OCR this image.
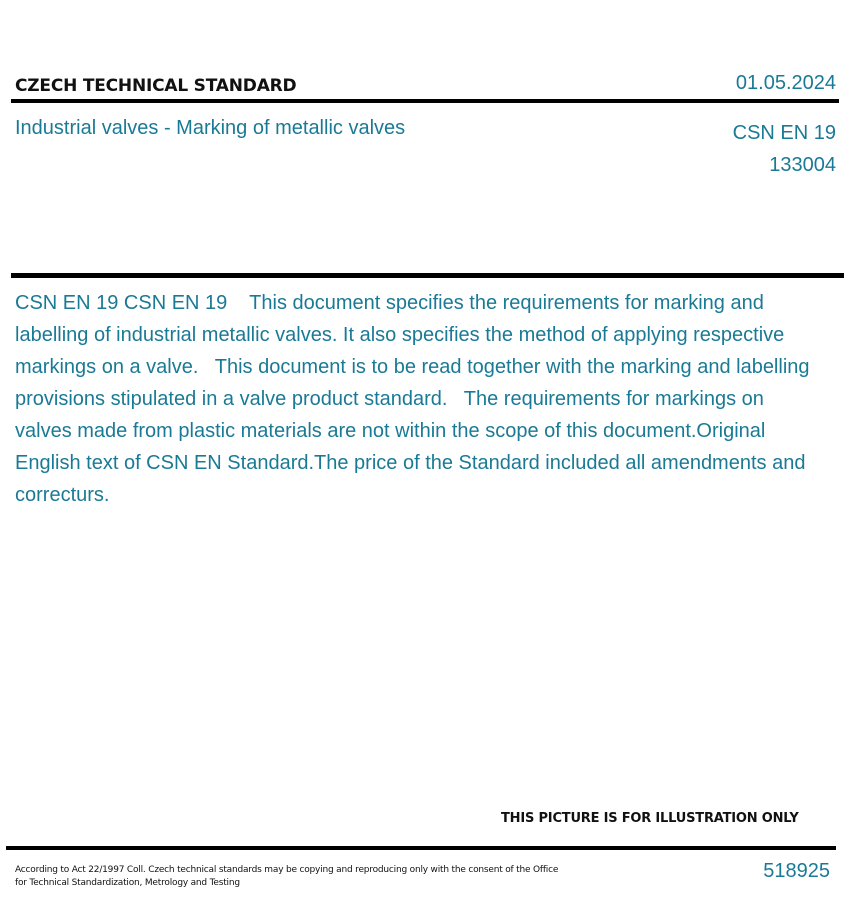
CZECH TECHNICAL STANDARD	01.05.2024
Industrial valves - Marking of metallic valves	CSN EN 19
133004
CSN EN 19 CSN EN 19    This document specifies the requirements for marking and labelling of industrial metallic valves. It also specifies the method of applying respective markings on a valve.   This document is to be read together with the marking and labelling provisions stipulated in a valve product standard.   The requirements for markings on valves made from plastic materials are not within the scope of this document.Original English text of CSN EN Standard.The price of the Standard included all amendments and correcturs.
THIS PICTURE IS FOR ILLUSTRATION ONLY
According to Act 22/1997 Coll. Czech technical standards may be copying and reproducing only with the consent of the Office
for Technical Standardization, Metrology and Testing
518925
